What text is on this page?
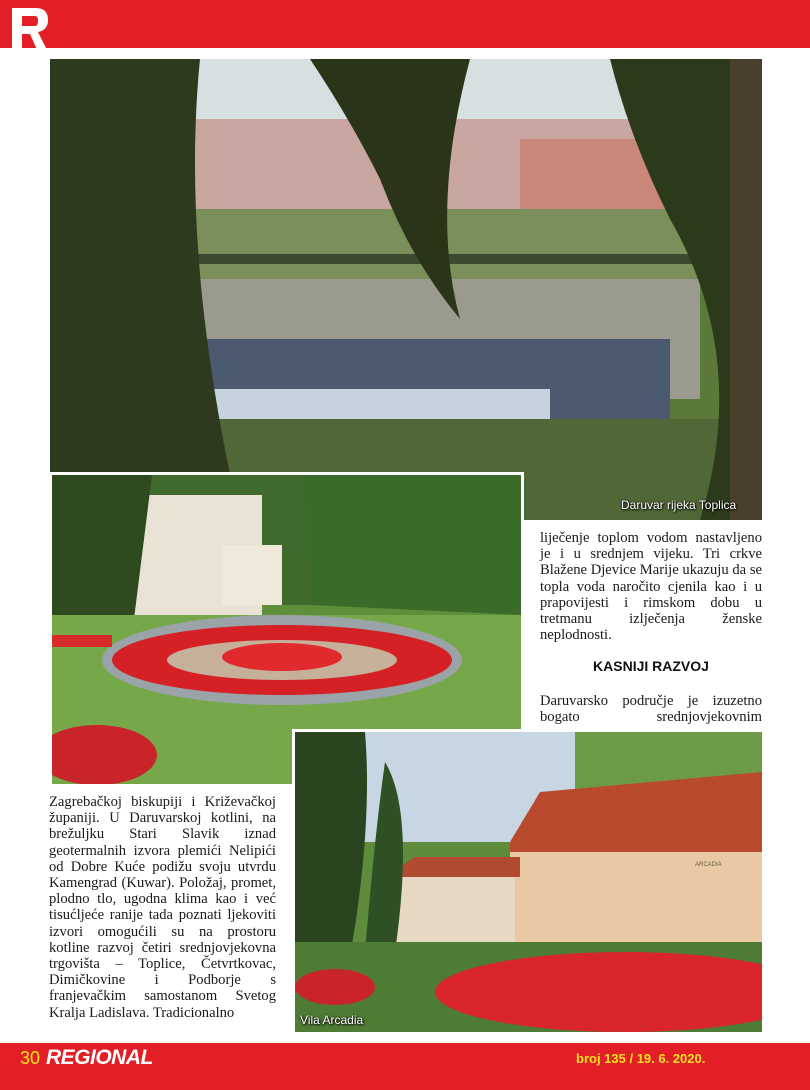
Daruvar rijeka Toplica
ARCADIA
Vila Arcadia

liječenje toplom vodom nastavljeno je i u srednjem vijeku. Tri crkve Blažene Djevice Marije ukazuju da se topla voda naročito cjenila kao i u prapovijesti i rimskom dobu u tretmanu izlječenja ženske neplodnosti.

KASNIJI RAZVOJ

Daruvarsko područje je izuzetno bogato srednjovjekovnim

Zagrebačkoj biskupiji i Križevačkoj županiji. U Daruvarskoj kotlini, na brežuljku Stari Slavik iznad geotermalnih izvora plemići Nelipići od Dobre Kuće podižu svoju utvrdu Kamengrad (Kuwar). Položaj, promet, plodno tlo, ugodna klima kao i već tisućljeće ranije tada poznati ljekoviti izvori omogućili su na prostoru kotline razvoj četiri srednjovjekovna trgovišta – Toplice, Četvrtkovac, Dimičkovine i Podborje s franjevačkim samostanom Svetog Kralja Ladislava. Tradicionalno

30 REGIONAL	broj 135 / 19. 6. 2020.
